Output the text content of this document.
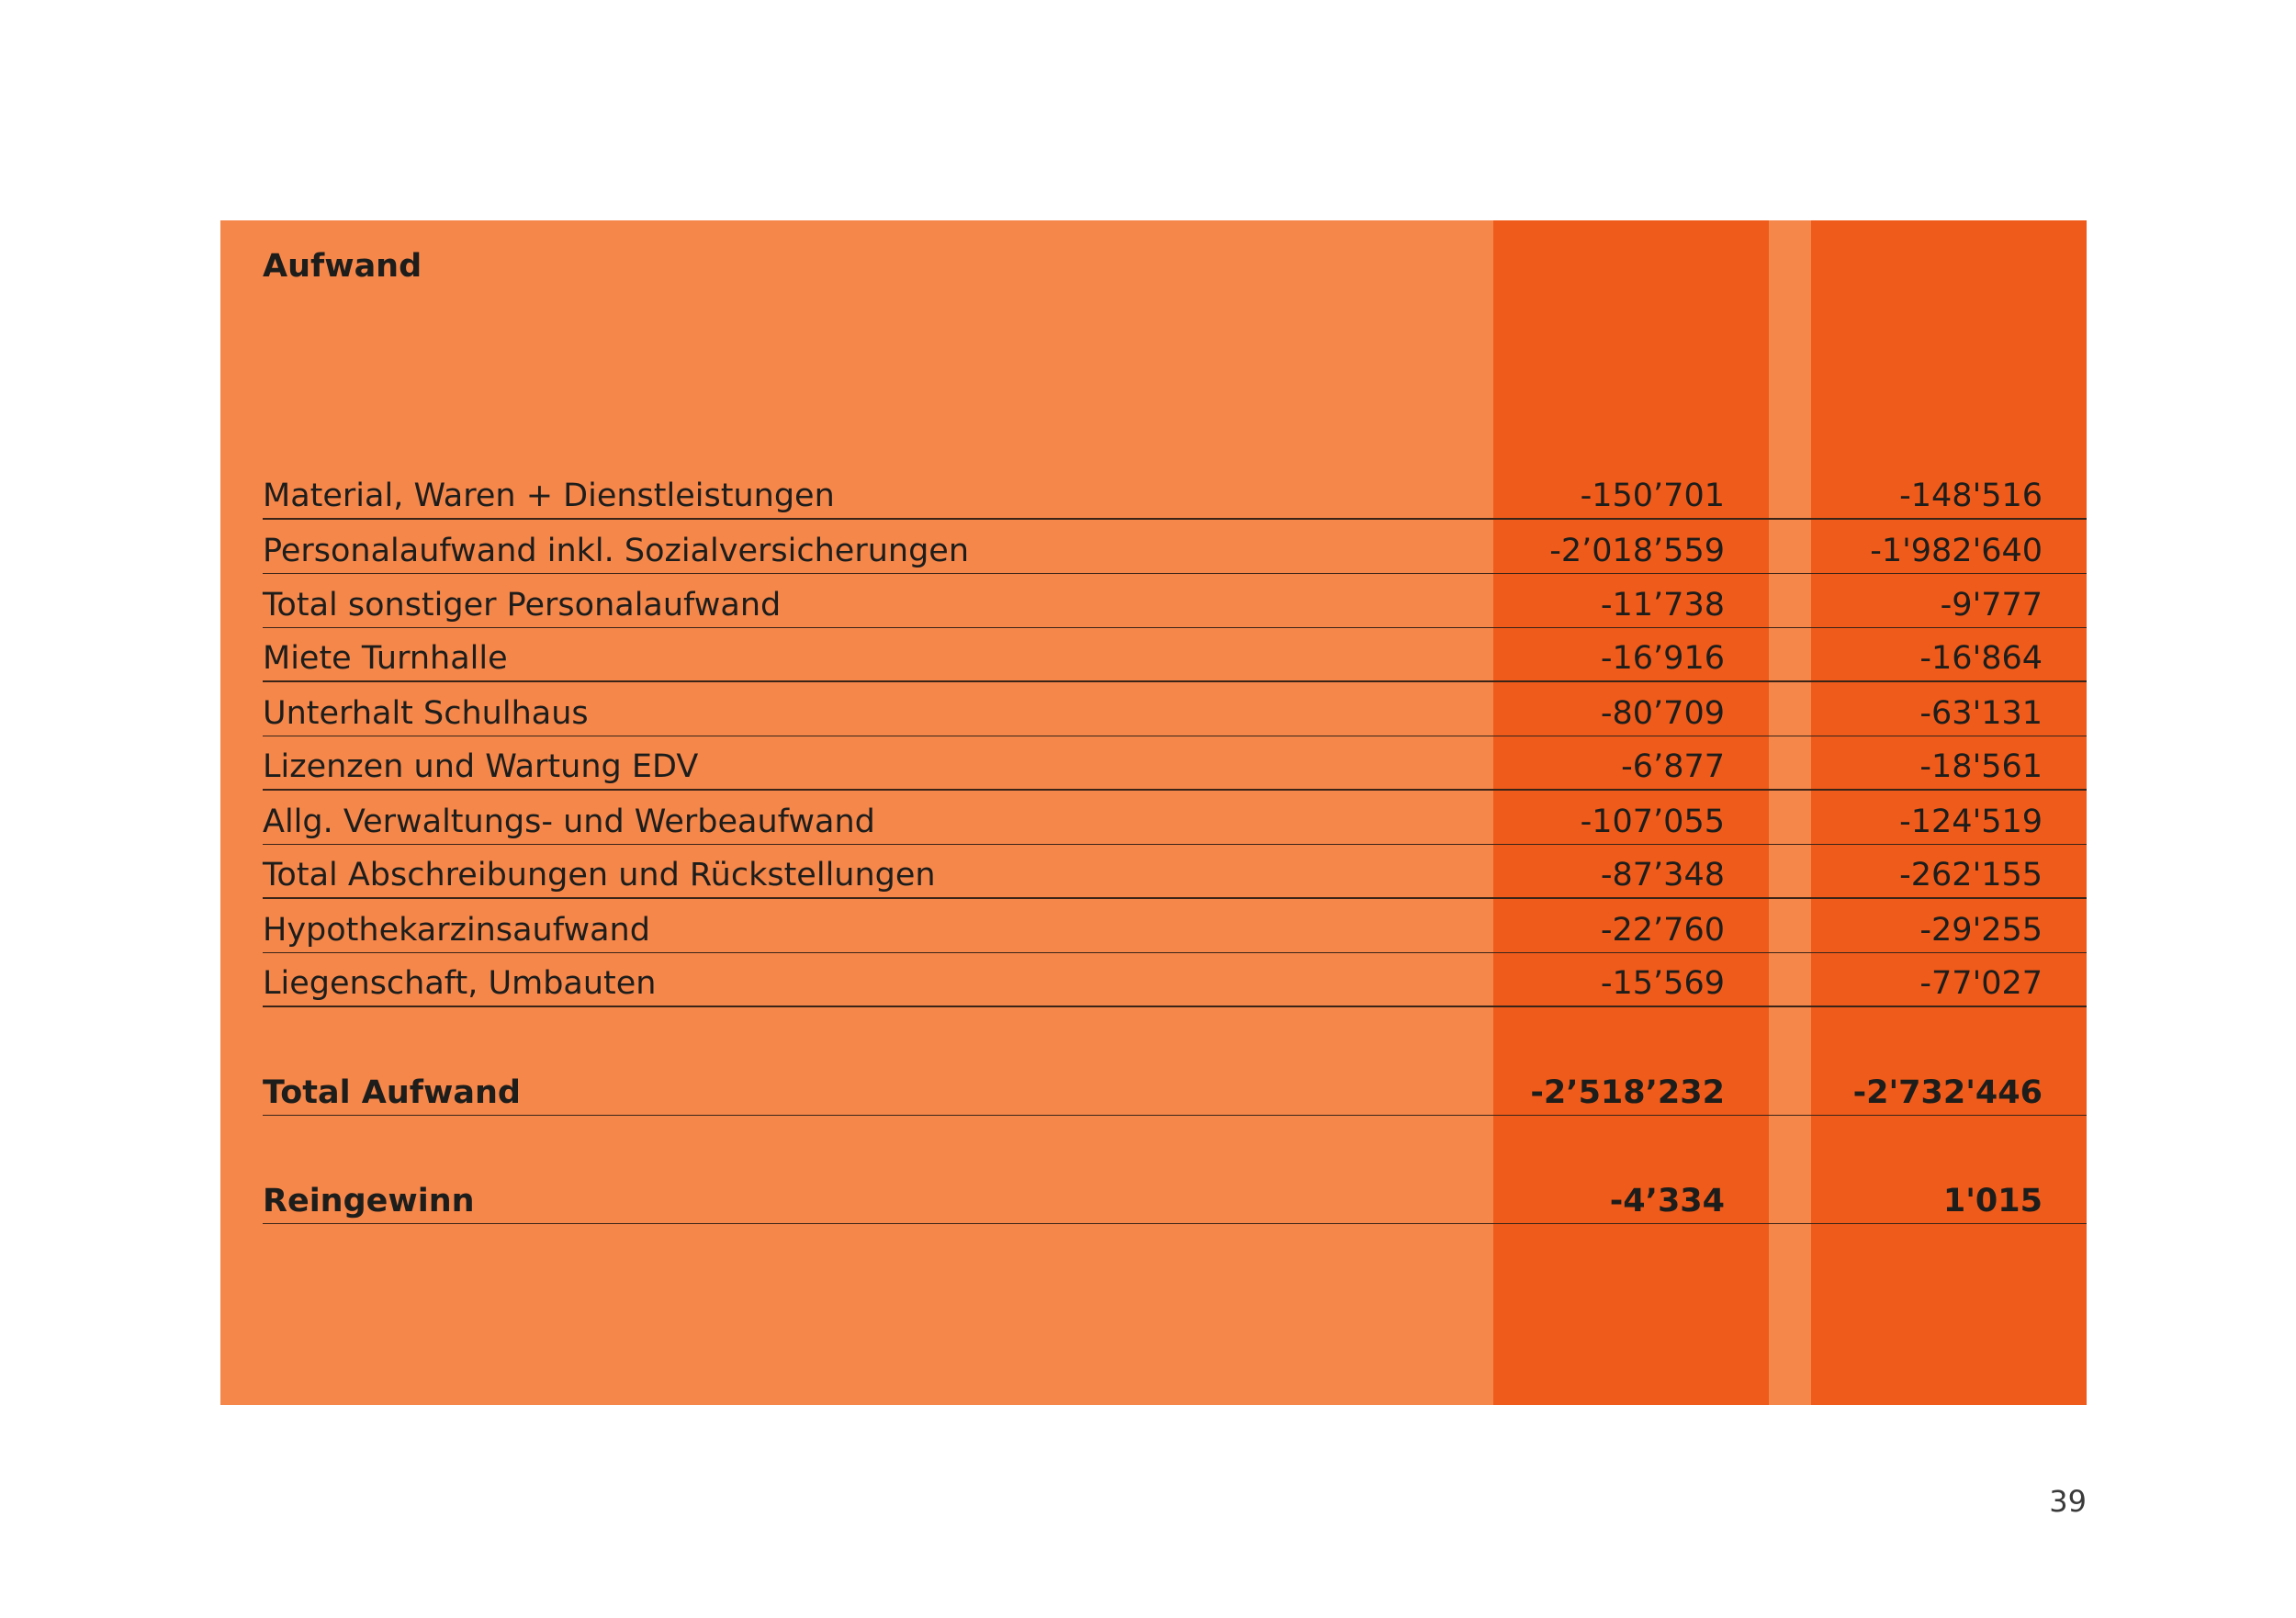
Aufwand
Material, Waren + Dienstleistungen	-150’701	-148'516
Personalaufwand inkl. Sozialversicherungen	-2’018’559	-1'982'640
Total sonstiger Personalaufwand	-11’738	-9'777
Miete Turnhalle	-16’916	-16'864
Unterhalt Schulhaus	-80’709	-63'131
Lizenzen und Wartung EDV	-6’877	-18'561
Allg. Verwaltungs- und Werbeaufwand	-107’055	-124'519
Total Abschreibungen und Rückstellungen	-87’348	-262'155
Hypothekarzinsaufwand	-22’760	-29'255
Liegenschaft, Umbauten	-15’569	-77'027
Total Aufwand	-2’518’232	-2'732'446
Reingewinn	-4’334	1'015
39
